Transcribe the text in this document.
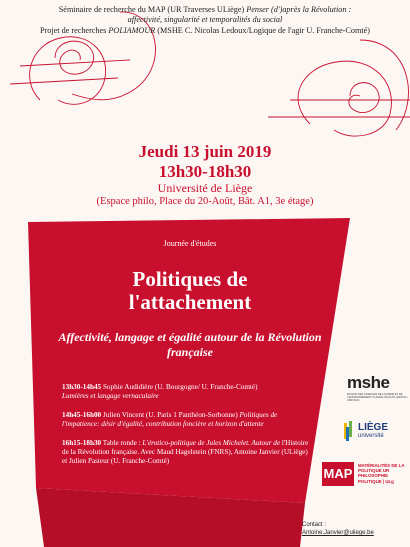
Séminaire de recherche du MAP (UR Traverses ULiège) Penser (d')après la Révolution :
affectivité, singularité et temporalités du social
Projet de recherches POLIAMOUR (MSHE C. Nicolas Ledoux/Logique de l'agir U. Franche-Comté)
Jeudi 13 juin 2019
13h30-18h30
Université de Liège
(Espace philo, Place du 20-Août, Bât. A1, 3e étage)
Journée d'études
Politiques de
l'attachement
Affectivité, langage et égalité autour de la Révolution française
13h30-14h45 Sophie Audidière (U. Bourgogne/ U. Franche-Comté)
Lumières et langage vernaculaire
14h45-16h00 Julien Vincent (U. Paris 1 Panthéon-Sorbonne) Politiques de l'impatience: désir d'égalité, contribution foncière et horizon d'attente
16h15-18h30 Table ronde : L'érotico-politique de Jules Michelet. Autour de l'Histoire de la Révolution française. Avec Maud Hagelstein (FNRS), Antoine Janvier (ULiège) et Julien Pasteur (U. Franche-Comté)
mshe
MAISON DES SCIENCES DE L'HOMME ET DE L'ENVIRONNEMENT CLAUDE NICOLAS LEDOUX • UMR 3124
LIÈGE
université
MAP
MATÉRIALITÉS DE LA POLITIQUE UR PHILOSOPHIE POLITIQUE | ULg
Contact :
Antoine.Janvier@uliege.be
